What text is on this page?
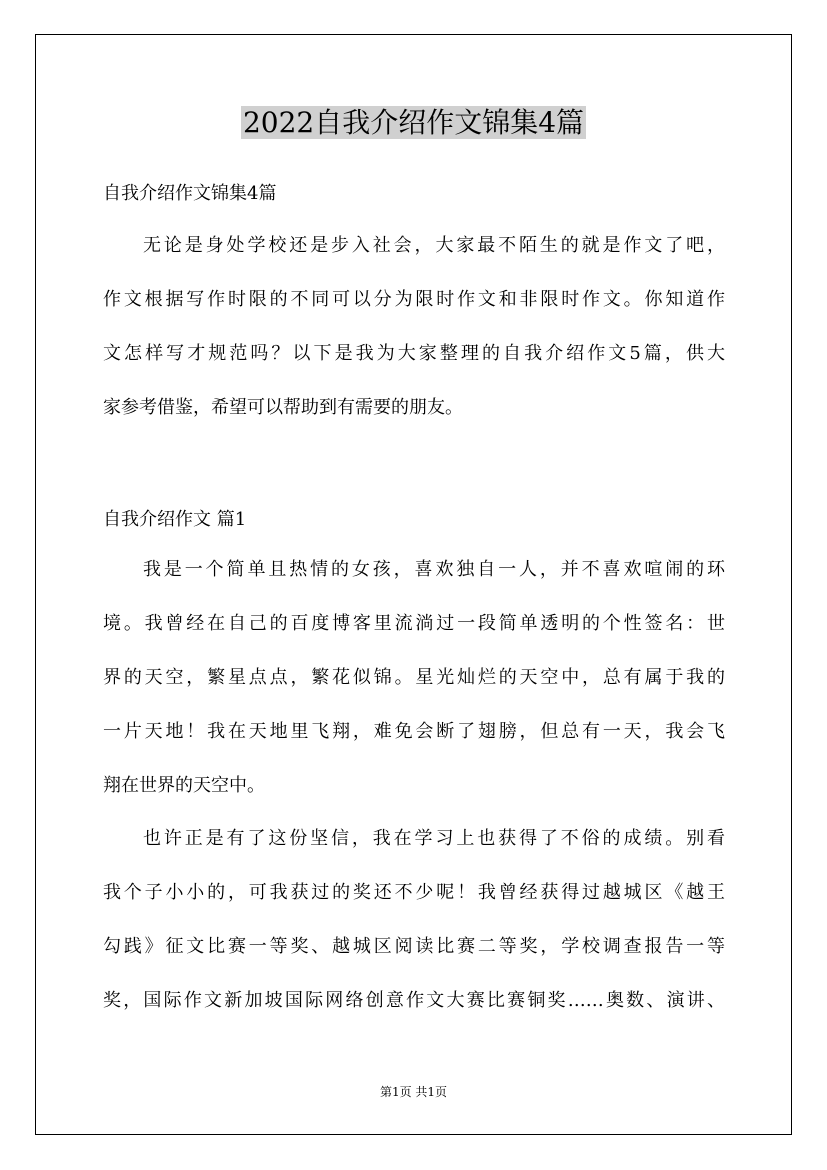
2022自我介绍作文锦集4篇

自我介绍作文锦集4篇

无论是身处学校还是步入社会，大家最不陌生的就是作文了吧，
作文根据写作时限的不同可以分为限时作文和非限时作文。你知道作
文怎样写才规范吗？以下是我为大家整理的自我介绍作文5篇，供大
家参考借鉴，希望可以帮助到有需要的朋友。

自我介绍作文 篇1

我是一个简单且热情的女孩，喜欢独自一人，并不喜欢喧闹的环
境。我曾经在自己的百度博客里流淌过一段简单透明的个性签名：世
界的天空，繁星点点，繁花似锦。星光灿烂的天空中，总有属于我的
一片天地！我在天地里飞翔，难免会断了翅膀，但总有一天，我会飞
翔在世界的天空中。
也许正是有了这份坚信，我在学习上也获得了不俗的成绩。别看
我个子小小的，可我获过的奖还不少呢！我曾经获得过越城区《越王
勾践》征文比赛一等奖、越城区阅读比赛二等奖，学校调查报告一等
奖，国际作文新加坡国际网络创意作文大赛比赛铜奖……奥数、演讲、
第1页 共1页
